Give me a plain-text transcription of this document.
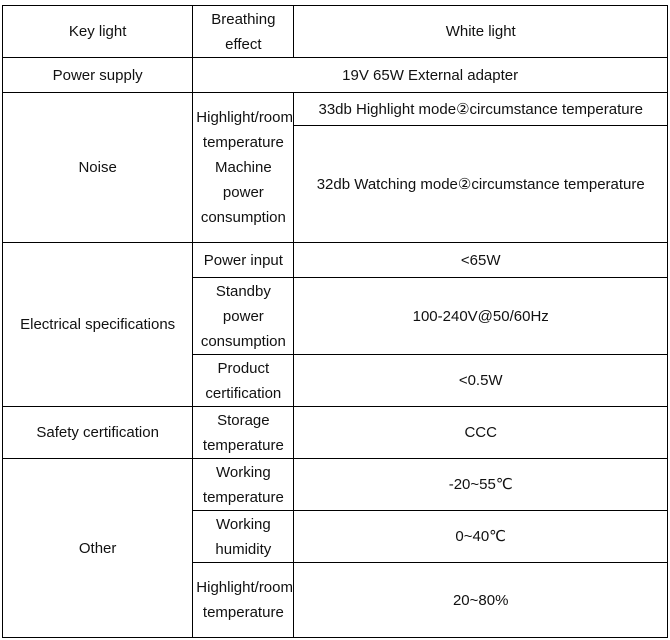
Key light	Breathing effect	White light
Power supply	19V 65W External adapter	
Noise	Highlight/room temperature Machine power consumption	33db Highlight mode②circumstance temperature
		32db Watching mode②circumstance temperature
Electrical specifications	Power input	<65W
	Standby power consumption	100-240V@50/60Hz
	Product certification	<0.5W
Safety certification	Storage temperature	CCC
Other	Working temperature	-20~55℃
	Working humidity	0~40℃
	Highlight/room temperature	20~80%
